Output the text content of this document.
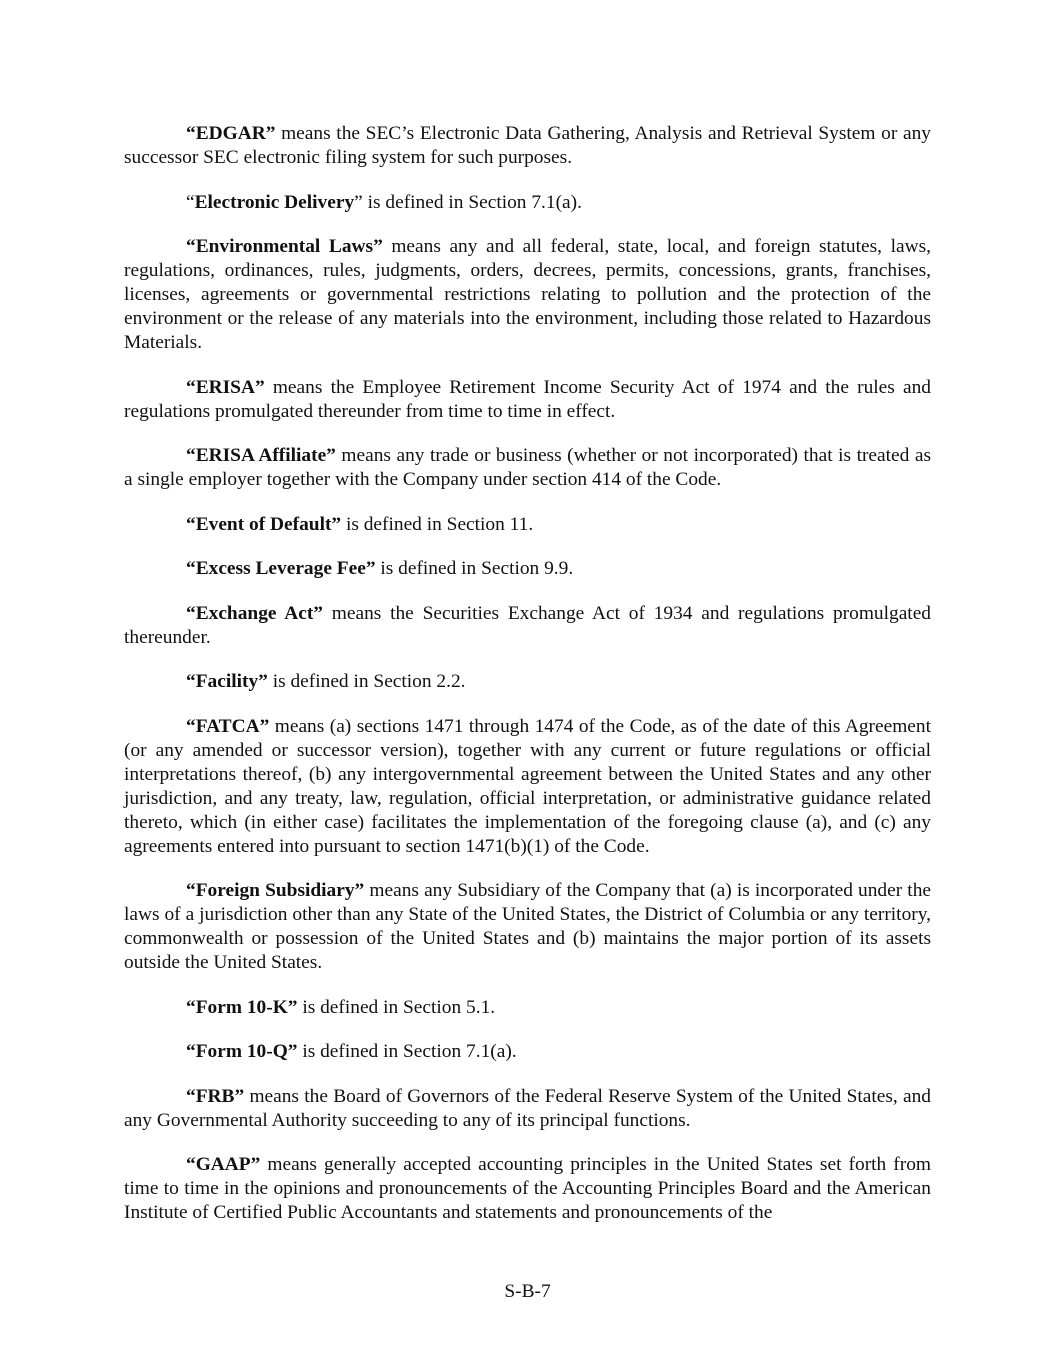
“EDGAR” means the SEC’s Electronic Data Gathering, Analysis and Retrieval System or any successor SEC electronic filing system for such purposes.

“Electronic Delivery” is defined in Section 7.1(a).

“Environmental Laws” means any and all federal, state, local, and foreign statutes, laws, regulations, ordinances, rules, judgments, orders, decrees, permits, concessions, grants, franchises, licenses, agreements or governmental restrictions relating to pollution and the protection of the environment or the release of any materials into the environment, including those related to Hazardous Materials.

“ERISA” means the Employee Retirement Income Security Act of 1974 and the rules and regulations promulgated thereunder from time to time in effect.

“ERISA Affiliate” means any trade or business (whether or not incorporated) that is treated as a single employer together with the Company under section 414 of the Code.

“Event of Default” is defined in Section 11.

“Excess Leverage Fee” is defined in Section 9.9.

“Exchange Act” means the Securities Exchange Act of 1934 and regulations promulgated thereunder.

“Facility” is defined in Section 2.2.

“FATCA” means (a) sections 1471 through 1474 of the Code, as of the date of this Agreement (or any amended or successor version), together with any current or future regulations or official interpretations thereof, (b) any intergovernmental agreement between the United States and any other jurisdiction, and any treaty, law, regulation, official interpretation, or administrative guidance related thereto, which (in either case) facilitates the implementation of the foregoing clause (a), and (c) any agreements entered into pursuant to section 1471(b)(1) of the Code.

“Foreign Subsidiary” means any Subsidiary of the Company that (a) is incorporated under the laws of a jurisdiction other than any State of the United States, the District of Columbia or any territory, commonwealth or possession of the United States and (b) maintains the major portion of its assets outside the United States.

“Form 10-K” is defined in Section 5.1.

“Form 10-Q” is defined in Section 7.1(a).

“FRB” means the Board of Governors of the Federal Reserve System of the United States, and any Governmental Authority succeeding to any of its principal functions.

“GAAP” means generally accepted accounting principles in the United States set forth from time to time in the opinions and pronouncements of the Accounting Principles Board and the American Institute of Certified Public Accountants and statements and pronouncements of the

S-B-7
